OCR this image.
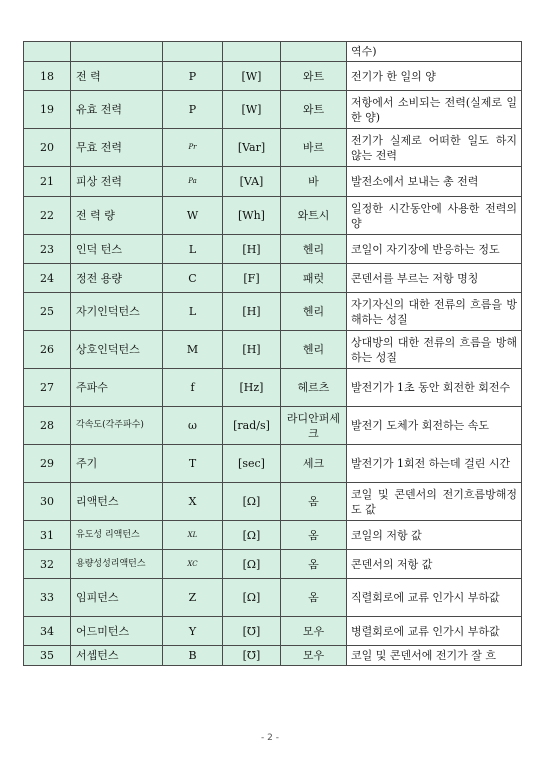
					역수)
18	전 력	P	[W]	와트	전기가 한 일의 양
19	유효 전력	P	[W]	와트	저항에서 소비되는 전력(실제로 일한 양)
20	무효 전력	Pr	[Var]	바르	전기가 실제로 어떠한 일도 하지 않는 전력
21	피상 전력	Pa	[VA]	바	발전소에서 보내는 총 전력
22	전 력 량	W	[Wh]	와트시	일정한 시간동안에 사용한 전력의 양
23	인덕 턴스	L	[H]	헨리	코일이 자기장에 반응하는 정도
24	정전 용량	C	[F]	패럿	콘덴서를 부르는 저항 명칭
25	자기인덕턴스	L	[H]	헨리	자기자신의 대한 전류의 흐름을 방해하는 성질
26	상호인덕턴스	M	[H]	헨리	상대방의 대한 전류의 흐름을 방해하는 성질
27	주파수	f	[Hz]	헤르츠	발전기가 1초 동안 회전한 회전수
28	각속도(각주파수)	ω	[rad/s]	라디안퍼세크	발전기 도체가 회전하는 속도
29	주기	T	[sec]	세크	발전기가 1회전 하는데 걸린 시간
30	리액턴스	X	[Ω]	옴	코일 및 콘덴서의 전기흐름방해정도 값
31	유도성 리액턴스	XL	[Ω]	옴	코일의 저항 값
32	용량성성리액턴스	XC	[Ω]	옴	콘덴서의 저항 값
33	임피던스	Z	[Ω]	옴	직렬회로에 교류 인가시 부하값
34	어드미턴스	Y	[℧]	모우	병렬회로에 교류 인가시 부하값
35	서셉턴스	B	[℧]	모우	코일 및 콘덴서에 전기가 잘 흐
- 2 -
